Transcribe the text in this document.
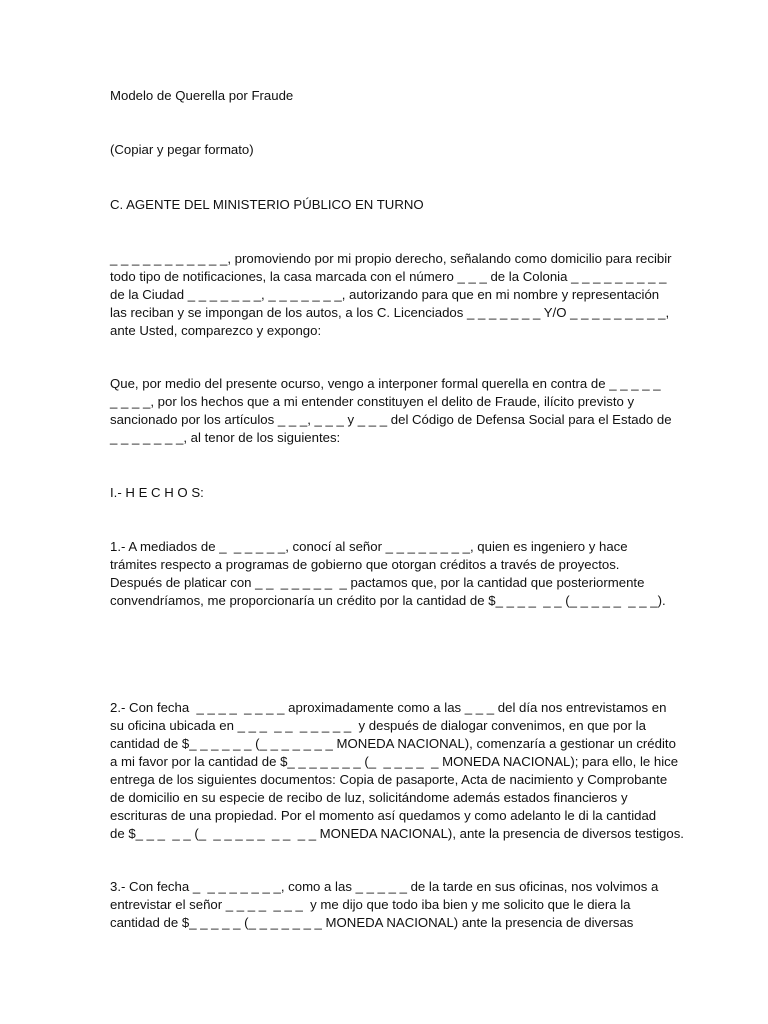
Modelo de Querella por Fraude

(Copiar y pegar formato)

C. AGENTE DEL MINISTERIO PÚBLICO EN TURNO

_ _ _ _ _ _ _ _ _ _ _, promoviendo por mi propio derecho, señalando como domicilio para recibir
todo tipo de notificaciones, la casa marcada con el número _ _ _ de la Colonia _ _ _ _ _ _ _ _ _
de la Ciudad _ _ _ _ _ _ _, _ _ _ _ _ _ _, autorizando para que en mi nombre y representación
las reciban y se impongan de los autos, a los C. Licenciados _ _ _ _ _ _ _ Y/O _ _ _ _ _ _ _ _ _,
ante Usted, comparezco y expongo:

Que, por medio del presente ocurso, vengo a interponer formal querella en contra de _ _ _ _ _
_ _ _ _, por los hechos que a mi entender constituyen el delito de Fraude, ilícito previsto y
sancionado por los artículos _ _ _, _ _ _ y _ _ _ del Código de Defensa Social para el Estado de
_ _ _ _ _ _ _, al tenor de los siguientes:

I.- H E C H O S:

1.- A mediados de _  _ _ _ _ _, conocí al señor _ _ _ _ _ _ _ _, quien es ingeniero y hace
trámites respecto a programas de gobierno que otorgan créditos a través de proyectos.
Después de platicar con _ _  _ _ _ _ _  _ pactamos que, por la cantidad que posteriormente
convendríamos, me proporcionaría un crédito por la cantidad de $_ _ _ _  _ _ (_ _ _ _ _  _ _ _).

2.- Con fecha  _ _ _ _  _ _ _ _ aproximadamente como a las _ _ _ del día nos entrevistamos en
su oficina ubicada en _ _ _  _ _  _ _ _ _ _  y después de dialogar convenimos, en que por la
cantidad de $_ _ _ _ _ _ (_ _ _ _ _ _ _ MONEDA NACIONAL), comenzaría a gestionar un crédito
a mi favor por la cantidad de $_ _ _ _ _ _ _ (_  _ _ _ _  _ MONEDA NACIONAL); para ello, le hice
entrega de los siguientes documentos: Copia de pasaporte, Acta de nacimiento y Comprobante
de domicilio en su especie de recibo de luz, solicitándome además estados financieros y
escrituras de una propiedad. Por el momento así quedamos y como adelanto le di la cantidad
de $_ _ _  _ _ (_  _ _ _ _ _  _ _  _ _ MONEDA NACIONAL), ante la presencia de diversos testigos.

3.- Con fecha _  _ _ _ _ _ _ _, como a las _ _ _ _ _ de la tarde en sus oficinas, nos volvimos a
entrevistar el señor _ _ _ _  _ _ _  y me dijo que todo iba bien y me solicito que le diera la
cantidad de $_ _ _ _ _ (_ _ _ _ _ _ _ MONEDA NACIONAL) ante la presencia de diversas
